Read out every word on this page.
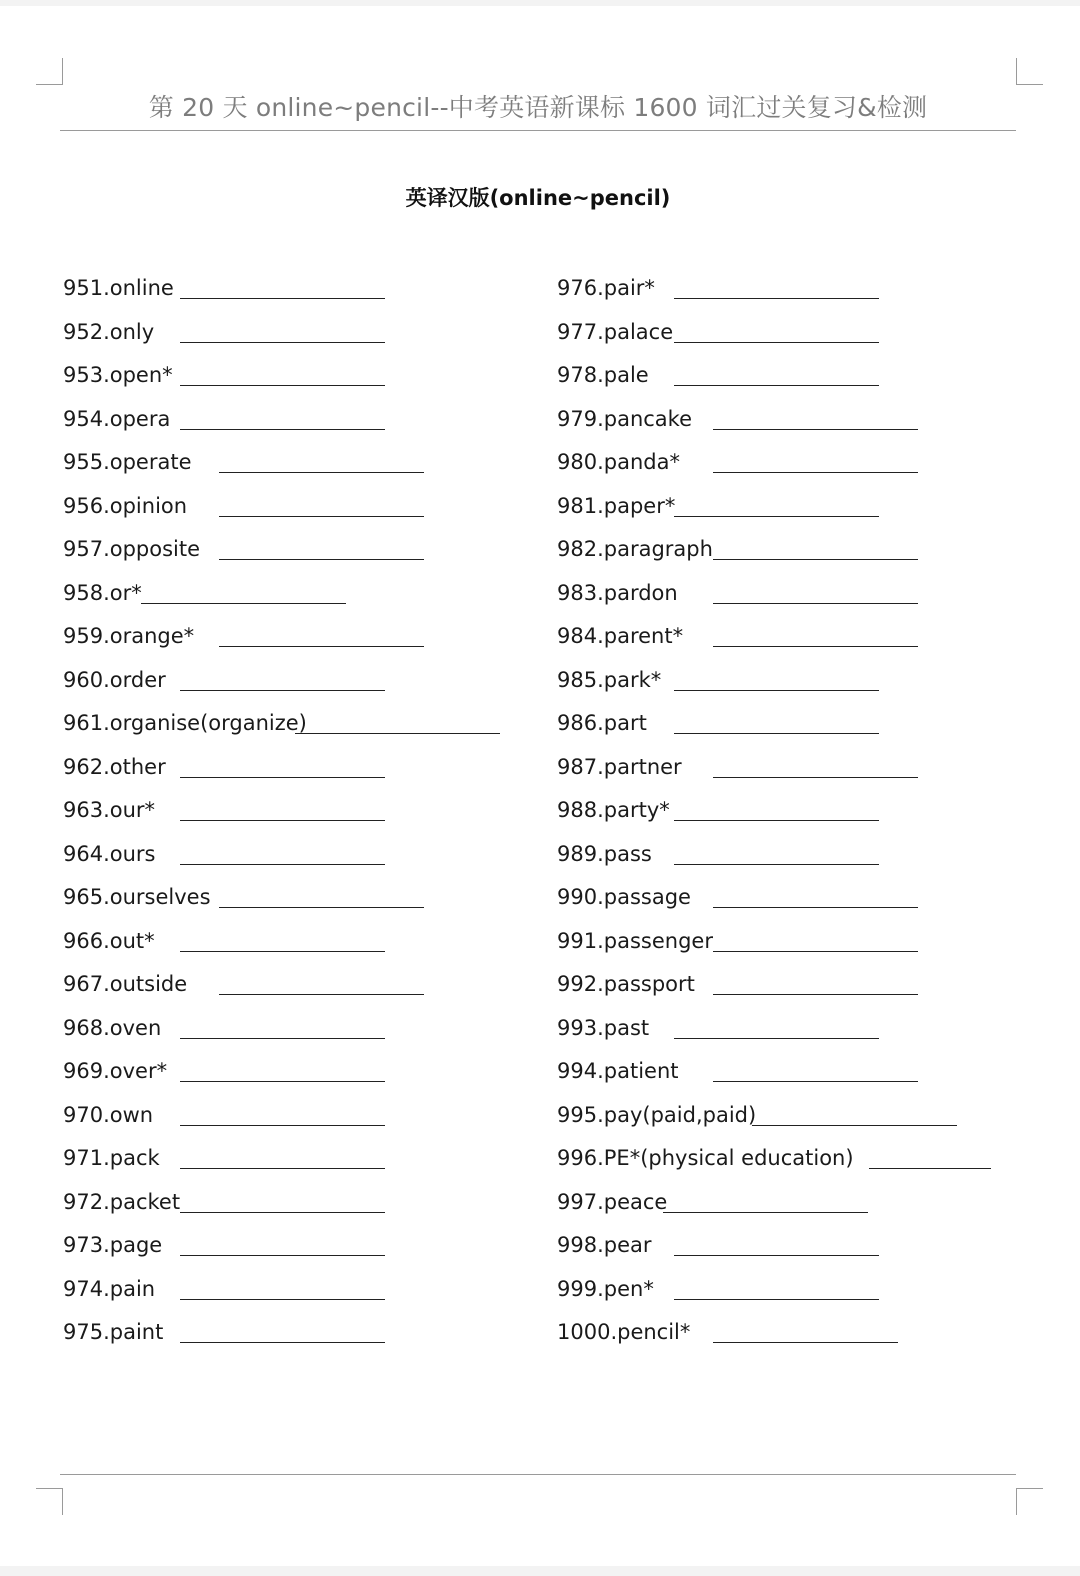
第 20 天 online~pencil--中考英语新课标 1600 词汇过关复习&检测
英译汉版(online~pencil)
951.online
952.only
953.open*
954.opera
955.operate
956.opinion
957.opposite
958.or*
959.orange*
960.order
961.organise(organize)
962.other
963.our*
964.ours
965.ourselves
966.out*
967.outside
968.oven
969.over*
970.own
971.pack
972.packet
973.page
974.pain
975.paint
976.pair*
977.palace
978.pale
979.pancake
980.panda*
981.paper*
982.paragraph
983.pardon
984.parent*
985.park*
986.part
987.partner
988.party*
989.pass
990.passage
991.passenger
992.passport
993.past
994.patient
995.pay(paid,paid)
996.PE*(physical education)
997.peace
998.pear
999.pen*
1000.pencil*
